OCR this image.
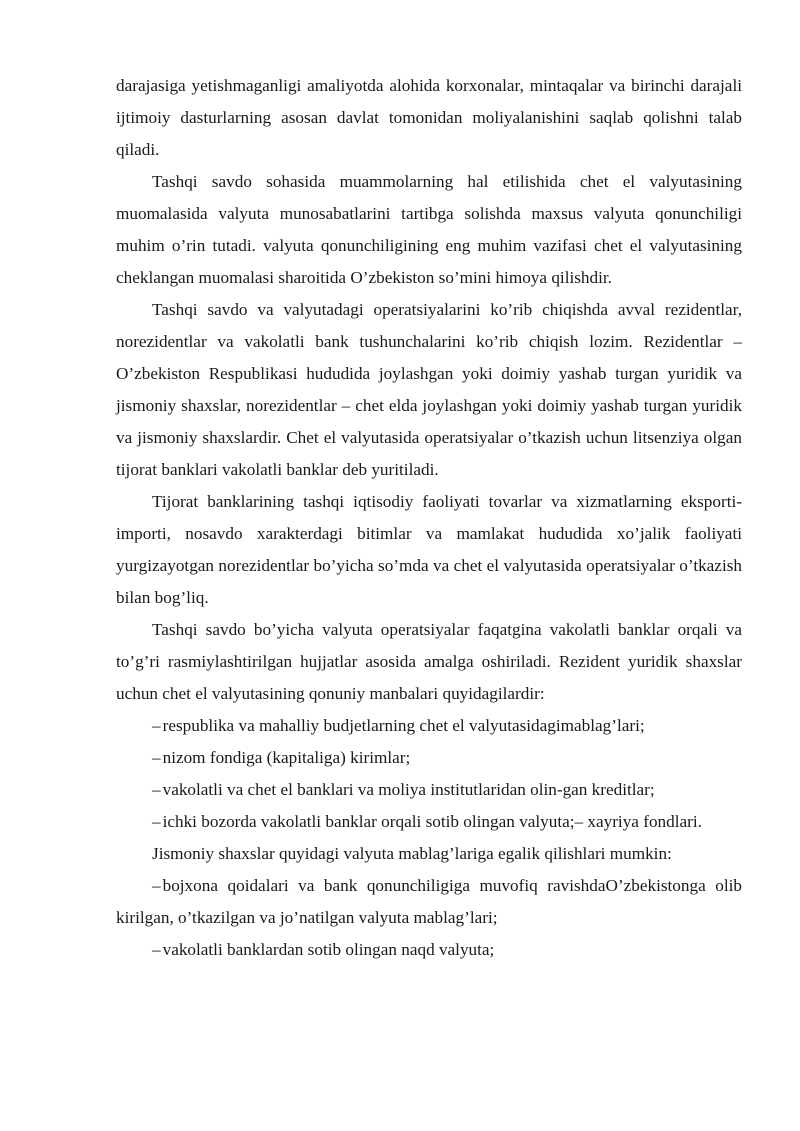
darajasiga yetishmaganligi amaliyotda alohida korxonalar, mintaqalar va birinchi darajali ijtimoiy dasturlarning asosan davlat tomonidan moliyalanishini saqlab qolishni talab qiladi.

Tashqi savdo sohasida muammolarning hal etilishida chet el valyutasining muomalasida valyuta munosabatlarini tartibga solishda maxsus valyuta qonunchiligi muhim o’rin tutadi. valyuta qonunchiligining eng muhim vazifasi chet el valyutasining cheklangan muomalasi sharoitida O’zbekiston so’mini himoya qilishdir.

Tashqi savdo va valyutadagi operatsiyalarini ko’rib chiqishda avval rezidentlar, norezidentlar va vakolatli bank tushunchalarini ko’rib chiqish lozim. Rezidentlar – O’zbekiston Respublikasi hududida joylashgan yoki doimiy yashab turgan yuridik va jismoniy shaxslar, norezidentlar – chet elda joylashgan yoki doimiy yashab turgan yuridik va jismoniy shaxslardir. Chet el valyutasida operatsiyalar o’tkazish uchun litsenziya olgan tijorat banklari vakolatli banklar deb yuritiladi.

Tijorat banklarining tashqi iqtisodiy faoliyati tovarlar va xizmatlarning eksporti-importi, nosavdo xarakterdagi bitimlar va mamlakat hududida xo’jalik faoliyati yurgizayotgan norezidentlar bo’yicha so’mda va chet el valyutasida operatsiyalar o’tkazish bilan bog’liq.

Tashqi savdo bo’yicha valyuta operatsiyalar faqatgina vakolatli banklar orqali va to’g’ri rasmiylashtirilgan hujjatlar asosida amalga oshiriladi. Rezident yuridik shaxslar uchun chet el valyutasining qonuniy manbalari quyidagilardir:

– respublika va mahalliy budjetlarning chet el valyutasidagimablag’lari;

– nizom fondiga (kapitaliga) kirimlar;

– vakolatli va chet el banklari va moliya institutlaridan olin-gan kreditlar;

– ichki bozorda vakolatli banklar orqali sotib olingan valyuta;– xayriya fondlari.

Jismoniy shaxslar quyidagi valyuta mablag’lariga egalik qilishlari mumkin:

– bojxona qoidalari va bank qonunchiligiga muvofiq ravishdaO’zbekistonga olib kirilgan, o’tkazilgan va jo’natilgan valyuta mablag’lari;

– vakolatli banklardan sotib olingan naqd valyuta;
